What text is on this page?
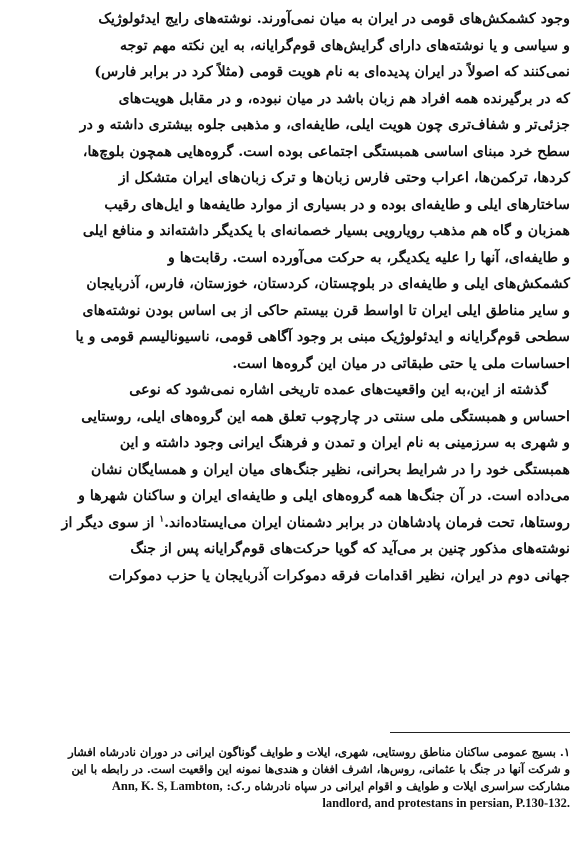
وجود کشمکش‌های قومی در ایران به میان نمی‌آورند. نوشته‌های رایج ایدئولوژیک

و سیاسی و یا نوشته‌های دارای گرایش‌های قوم‌گرایانه، به این نکته مهم توجه

نمی‌کنند که اصولاً در ایران پدیده‌ای به نام هویت قومی (مثلاً کرد در برابر فارس)

که در برگیرنده همه افراد هم زبان باشد در میان نبوده، و در مقابل هویت‌های

جزئی‌تر و شفاف‌تری چون هویت ایلی، طایفه‌ای، و مذهبی جلوه بیشتری داشته و در

سطح خرد مبنای اساسی همبستگی اجتماعی بوده است. گروه‌هایی همچون بلوچ‌ها،

کردها، ترکمن‌ها، اعراب وحتی فارس زبان‌ها و ترک زبان‌های ایران متشکل از

ساختارهای ایلی و طایفه‌ای بوده و در بسیاری از موارد طایفه‌ها و ایل‌های رقیب

همزبان و گاه هم مذهب رویارویی بسیار خصمانه‌ای با یکدیگر داشته‌اند و منافع ایلی

و طایفه‌ای، آنها را علیه یکدیگر، به حرکت می‌آورده است. رقابت‌ها و

کشمکش‌های ایلی و طایفه‌ای در بلوچستان، کردستان، خوزستان، فارس، آذربایجان

و سایر مناطق ایلی ایران تا اواسط قرن بیستم حاکی از بی اساس بودن نوشته‌های

سطحی قوم‌گرایانه و ایدئولوژیک مبنی بر وجود آگاهی قومی، ناسیونالیسم قومی و یا

احساسات ملی یا حتی طبقاتی در میان این گروه‌ها است.

گذشته از این،به این واقعیت‌های عمده تاریخی اشاره نمی‌شود که نوعی

احساس و همبستگی ملی سنتی در چارچوب تعلق همه این گروه‌های ایلی، روستایی

و شهری به سرزمینی به نام ایران و تمدن و فرهنگ ایرانی وجود داشته و این

همبستگی خود را در شرایط بحرانی، نظیر جنگ‌های میان ایران و همسایگان نشان

می‌داده است. در آن جنگ‌ها همه گروه‌های ایلی و طایفه‌ای ایران و ساکنان شهرها و

روستاها، تحت فرمان پادشاهان در برابر دشمنان ایران می‌ایستاده‌اند.$^١$ از سوی دیگر از

نوشته‌های مذکور چنین بر می‌آید که گویا حرکت‌های قوم‌گرایانه پس از جنگ

جهانی دوم در ایران، نظیر اقدامات فرقه دموکرات آذربایجان یا حزب دموکرات

١. بسیج عمومی ساکنان مناطق روستایی، شهری، ایلات و طوایف گوناگون ایرانی در دوران نادرشاه افشار
و شرکت آنها در جنگ با عثمانی، روس‌ها، اشرف افغان و هندی‌ها نمونه این واقعیت است. در رابطه با این
مشارکت سراسری ایلات و طوایف و اقوام ایرانی در سپاه نادرشاه ر.ک: Ann, K. S, Lambton,
landlord, and protestans in persian, P.130-132.
